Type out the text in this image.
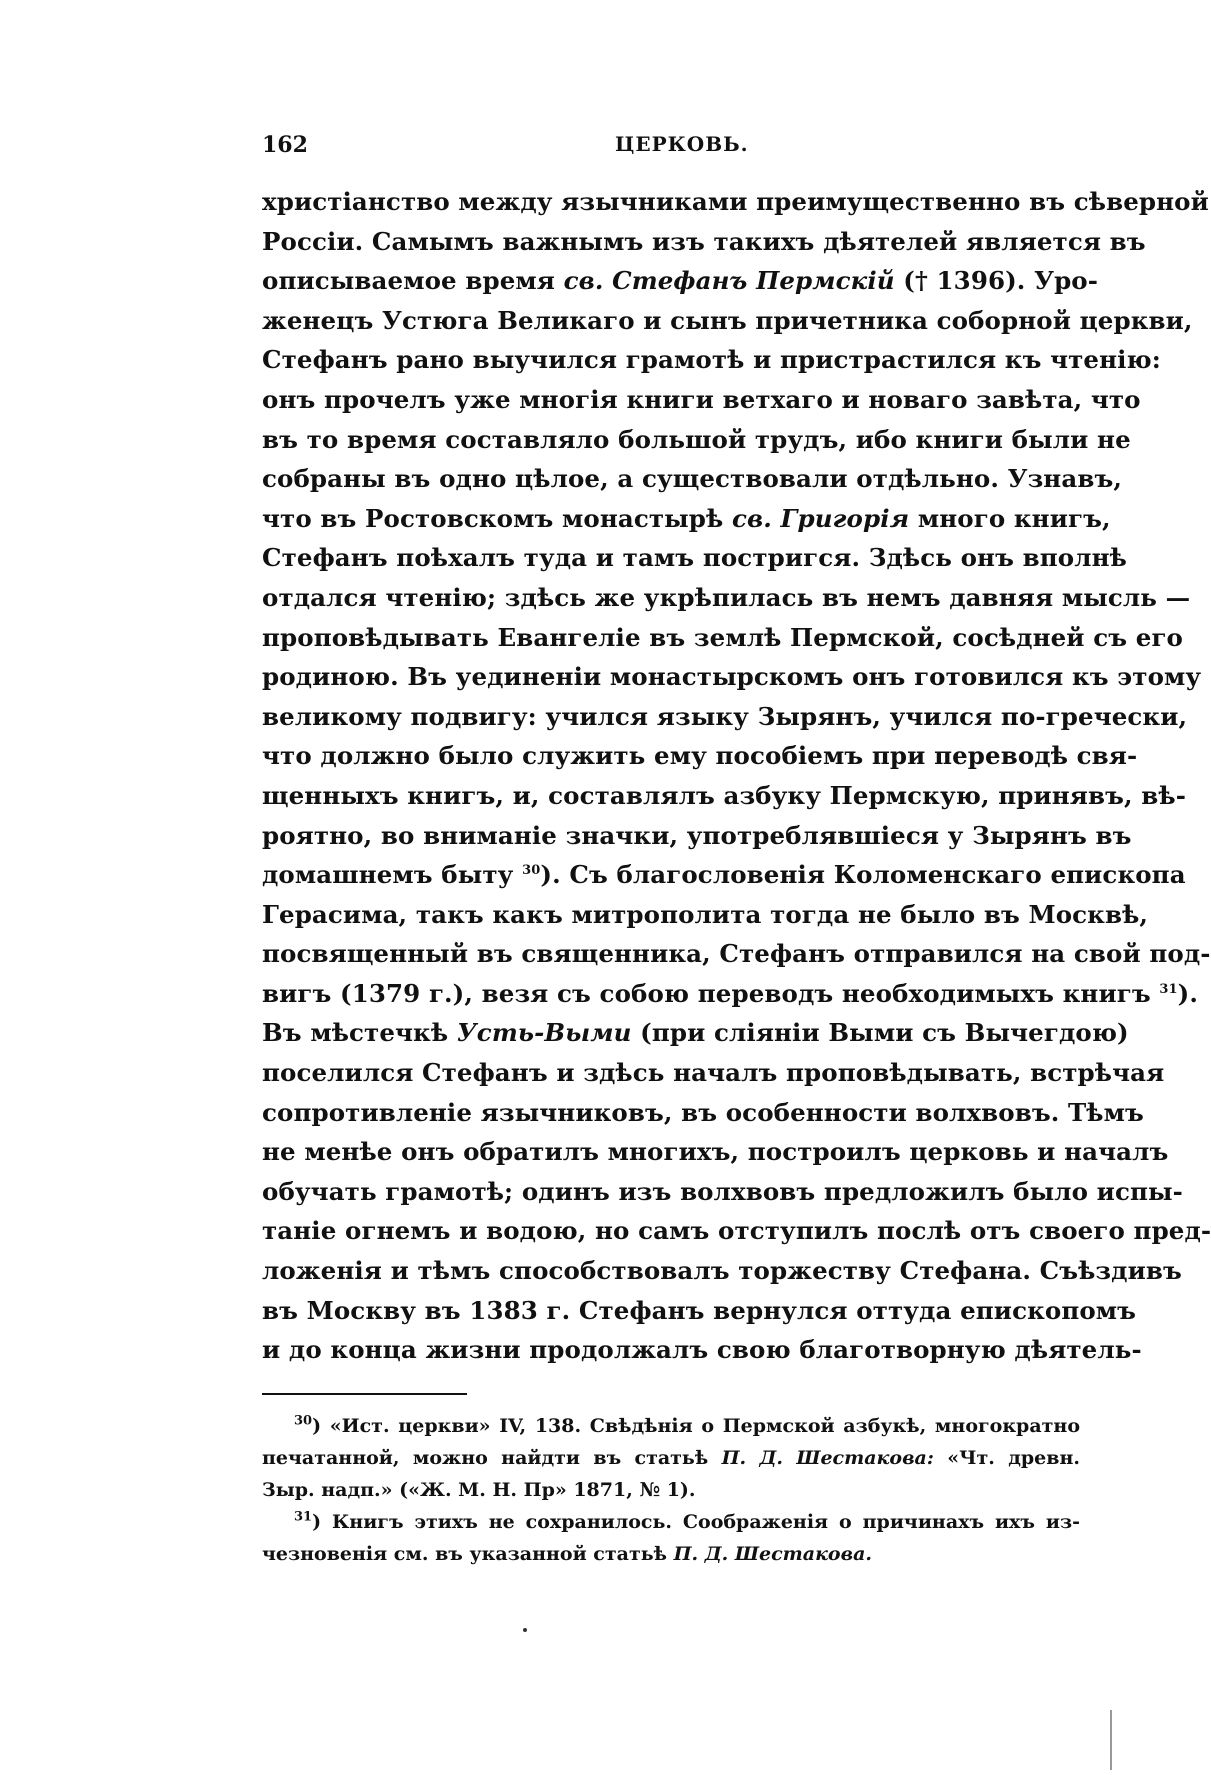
162	ЦЕРКОВЬ.
христіанство между язычниками преимущественно въ сѣверной
Россіи. Самымъ важнымъ изъ такихъ дѣятелей является въ
описываемое время св. Стефанъ Пермскій († 1396). Уро-
женецъ Устюга Великаго и сынъ причетника соборной церкви,
Стефанъ рано выучился грамотѣ и пристрастился къ чтенію:
онъ прочелъ уже многія книги ветхаго и новаго завѣта, что
въ то время составляло большой трудъ, ибо книги были не
собраны въ одно цѣлое, а существовали отдѣльно. Узнавъ,
что въ Ростовскомъ монастырѣ св. Григорія много книгъ,
Стефанъ поѣхалъ туда и тамъ постригся. Здѣсь онъ вполнѣ
отдался чтенію; здѣсь же укрѣпилась въ немъ давняя мысль —
проповѣдывать Евангеліе въ землѣ Пермской, сосѣдней съ его
родиною. Въ уединеніи монастырскомъ онъ готовился къ этому
великому подвигу: учился языку Зырянъ, учился по-гречески,
что должно было служить ему пособіемъ при переводѣ свя-
щенныхъ книгъ, и, составлялъ азбуку Пермскую, принявъ, вѣ-
роятно, во вниманіе значки, употреблявшіеся у Зырянъ въ
домашнемъ быту $^{30}$). Съ благословенія Коломенскаго епископа
Герасима, такъ какъ митрополита тогда не было въ Москвѣ,
посвященный въ священника, Стефанъ отправился на свой под-
вигъ (1379 г.), везя съ собою переводъ необходимыхъ книгъ $^{31}$).
Въ мѣстечкѣ Усть-Выми (при сліяніи Выми съ Вычегдою)
поселился Стефанъ и здѣсь началъ проповѣдывать, встрѣчая
сопротивленіе язычниковъ, въ особенности волхвовъ. Тѣмъ
не менѣе онъ обратилъ многихъ, построилъ церковь и началъ
обучать грамотѣ; одинъ изъ волхвовъ предложилъ было испы-
таніе огнемъ и водою, но самъ отступилъ послѣ отъ своего пред-
ложенія и тѣмъ способствовалъ торжеству Стефана. Съѣздивъ
въ Москву въ 1383 г. Стефанъ вернулся оттуда епископомъ
и до конца жизни продолжалъ свою благотворную дѣятель-
$^{30}$) «Ист. церкви» IV, 138. Свѣдѣнія о Пермской азбукѣ, многократно
печатанной, можно найдти въ статьѣ П. Д. Шестакова: «Чт. древн.
Зыр. надп.» («Ж. М. Н. Пр» 1871, № 1).
$^{31}$) Книгъ этихъ не сохранилось. Соображенія о причинахъ ихъ из-
чезновенія см. въ указанной статьѣ П. Д. Шестакова.
